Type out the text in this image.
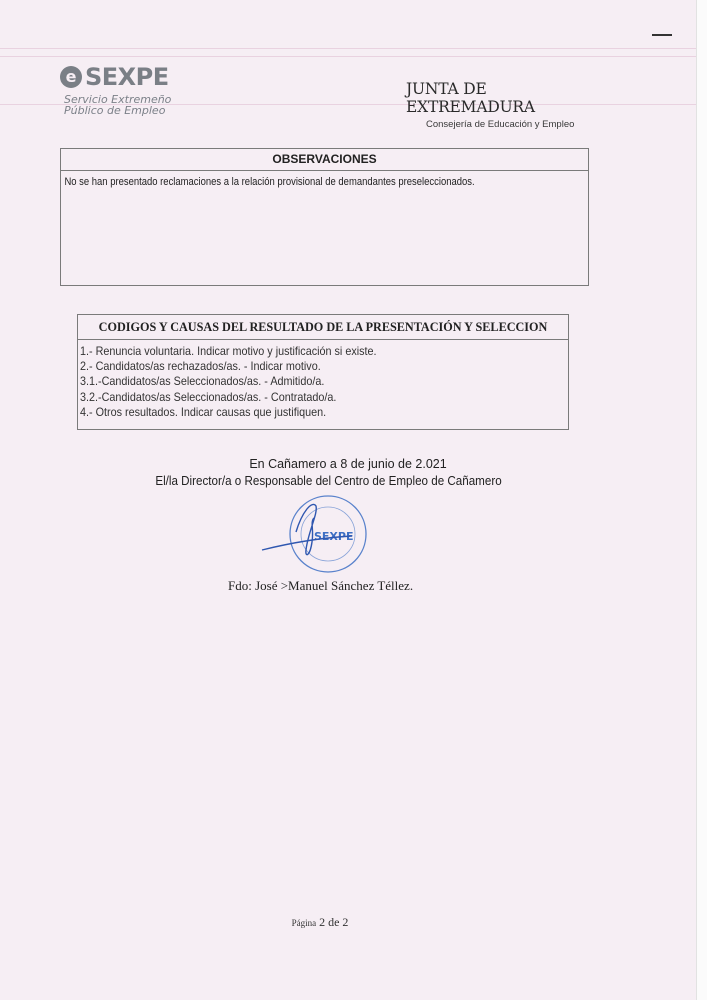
e SEXPE
Servicio Extremeño
Público de Empleo
JUNTA DE EXTREMADURA
Consejería de Educación y Empleo
OBSERVACIONES
No se han presentado reclamaciones a la relación provisional de demandantes preseleccionados.
CODIGOS Y CAUSAS DEL RESULTADO DE LA PRESENTACIÓN Y SELECCION
1.- Renuncia voluntaria. Indicar motivo y justificación si existe.
2.- Candidatos/as rechazados/as. - Indicar motivo.
3.1.-Candidatos/as Seleccionados/as. - Admitido/a.
3.2.-Candidatos/as Seleccionados/as. - Contratado/a.
4.- Otros resultados. Indicar causas que justifiquen.
En Cañamero a 8 de junio de 2.021
El/la Director/a o Responsable del Centro de Empleo de Cañamero
SEXPE
Fdo: José >Manuel Sánchez Téllez.
Página 2 de 2
